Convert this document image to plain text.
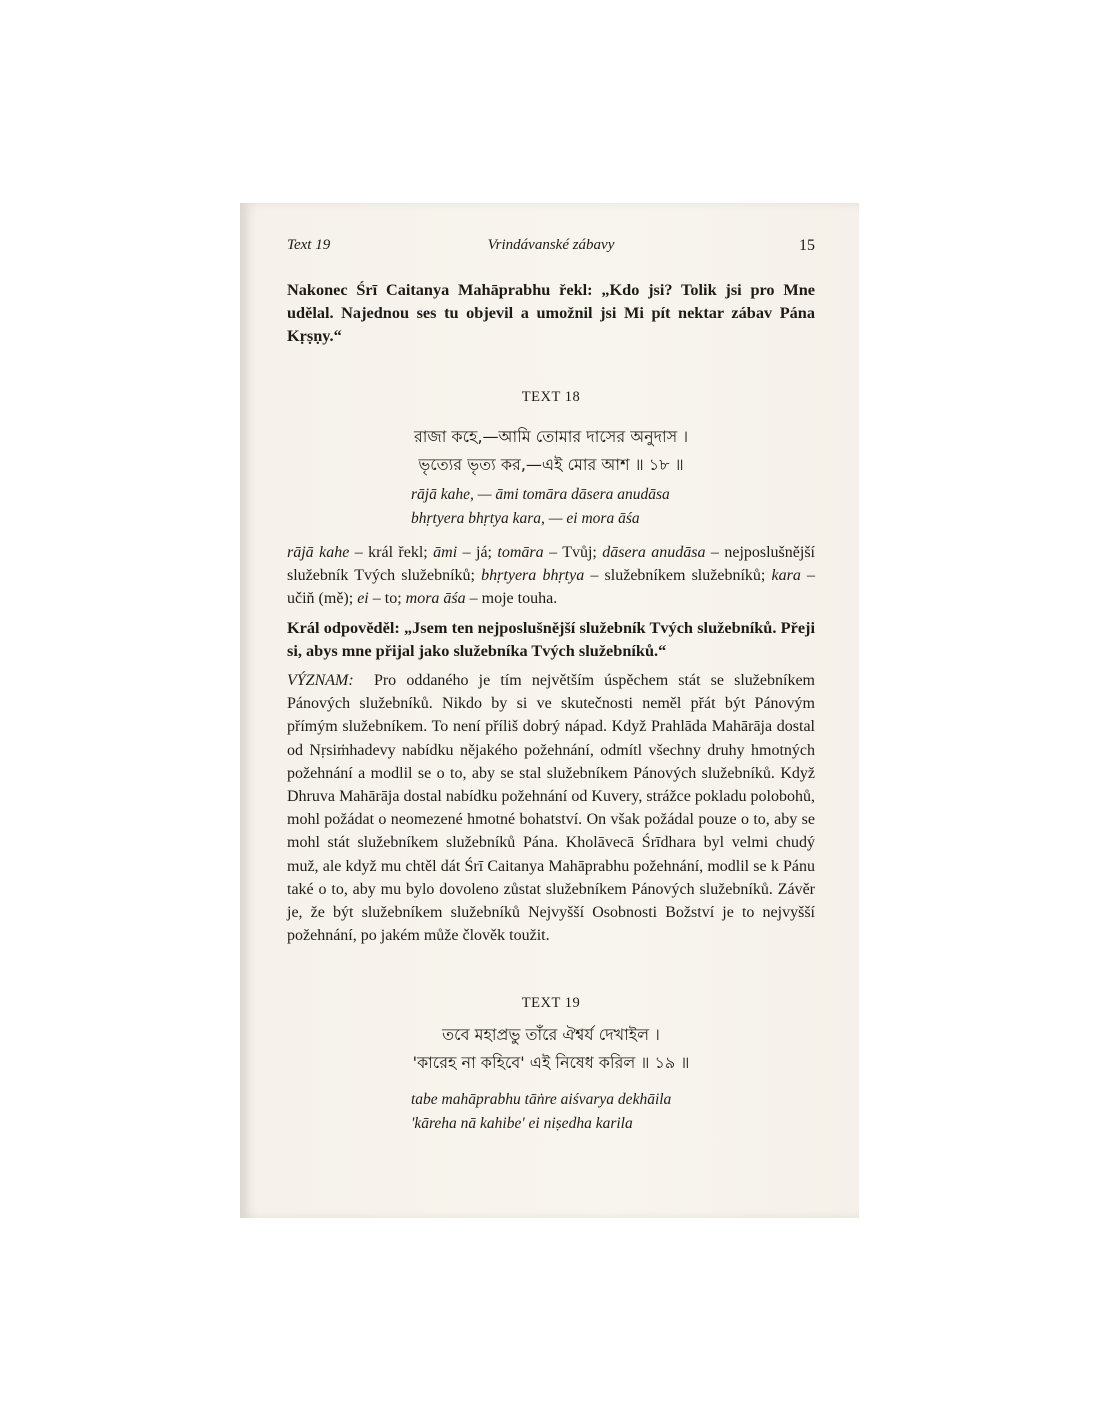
Text 19	Vrindávanské zábavy	15

Nakonec Śrī Caitanya Mahāprabhu řekl: „Kdo jsi? Tolik jsi pro Mne udělal. Najednou ses tu objevil a umožnil jsi Mi pít nektar zábav Pána Kṛṣṇy.“

TEXT 18
রাজা কহে,—আমি তোমার দাসের অনুদাস ।
ভৃত্যের ভৃত্য কর,—এই মোর আশ ॥ ১৮ ॥
rājā kahe, — āmi tomāra dāsera anudāsa
bhṛtyera bhṛtya kara, — ei mora āśa

rājā kahe – král řekl; āmi – já; tomāra – Tvůj; dāsera anudāsa – nejposlušnější služebník Tvých služebníků; bhṛtyera bhṛtya – služebníkem služebníků; kara – učiň (mě); ei – to; mora āśa – moje touha.

Král odpověděl: „Jsem ten nejposlušnější služebník Tvých služebníků. Přeji si, abys mne přijal jako služebníka Tvých služebníků.“

VÝZNAM: Pro oddaného je tím největším úspěchem stát se služebníkem Pánových služebníků. Nikdo by si ve skutečnosti neměl přát být Pánovým přímým služebníkem. To není příliš dobrý nápad. Když Prahlāda Mahārāja dostal od Nṛsiṁhadevy nabídku nějakého požehnání, odmítl všechny druhy hmotných požehnání a modlil se o to, aby se stal služebníkem Pánových služebníků. Když Dhruva Mahārāja dostal nabídku požehnání od Kuvery, strážce pokladu polobohů, mohl požádat o neomezené hmotné bohatství. On však požádal pouze o to, aby se mohl stát služebníkem služebníků Pána. Kholāvecā Śrīdhara byl velmi chudý muž, ale když mu chtěl dát Śrī Caitanya Mahāprabhu požehnání, modlil se k Pánu také o to, aby mu bylo dovoleno zůstat služebníkem Pánových služebníků. Závěr je, že být služebníkem služebníků Nejvyšší Osobnosti Božství je to nejvyšší požehnání, po jakém může člověk toužit.

TEXT 19
তবে মহাপ্রভু তাঁরে ঐশ্বর্য দেখাইল ।
'কারেহ না কহিবে' এই নিষেধ করিল ॥ ১৯ ॥
tabe mahāprabhu tāṅre aiśvarya dekhāila
'kāreha nā kahibe' ei niṣedha karila
